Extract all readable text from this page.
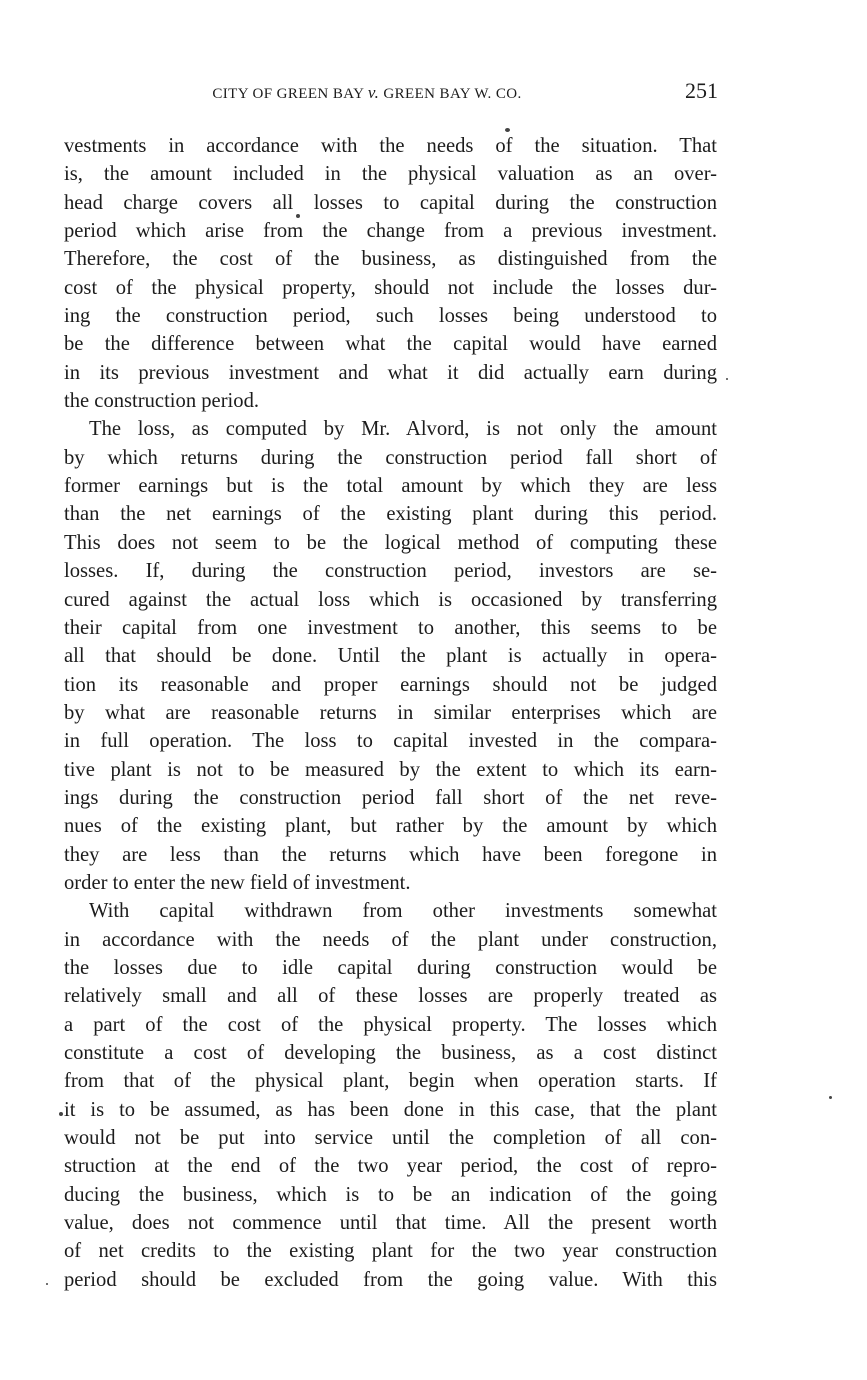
CITY OF GREEN BAY v. GREEN BAY W. CO.	251
vestments in accordance with the needs of the situation. That
is, the amount included in the physical valuation as an over-
head charge covers all losses to capital during the construction
period which arise from the change from a previous investment.
Therefore, the cost of the business, as distinguished from the
cost of the physical property, should not include the losses dur-
ing the construction period, such losses being understood to
be the difference between what the capital would have earned
in its previous investment and what it did actually earn during
the construction period.
The loss, as computed by Mr. Alvord, is not only the amount
by which returns during the construction period fall short of
former earnings but is the total amount by which they are less
than the net earnings of the existing plant during this period.
This does not seem to be the logical method of computing these
losses. If, during the construction period, investors are se-
cured against the actual loss which is occasioned by transferring
their capital from one investment to another, this seems to be
all that should be done. Until the plant is actually in opera-
tion its reasonable and proper earnings should not be judged
by what are reasonable returns in similar enterprises which are
in full operation. The loss to capital invested in the compara-
tive plant is not to be measured by the extent to which its earn-
ings during the construction period fall short of the net reve-
nues of the existing plant, but rather by the amount by which
they are less than the returns which have been foregone in
order to enter the new field of investment.
With capital withdrawn from other investments somewhat
in accordance with the needs of the plant under construction,
the losses due to idle capital during construction would be
relatively small and all of these losses are properly treated as
a part of the cost of the physical property. The losses which
constitute a cost of developing the business, as a cost distinct
from that of the physical plant, begin when operation starts. If
it is to be assumed, as has been done in this case, that the plant
would not be put into service until the completion of all con-
struction at the end of the two year period, the cost of repro-
ducing the business, which is to be an indication of the going
value, does not commence until that time. All the present worth
of net credits to the existing plant for the two year construction
period should be excluded from the going value. With this
